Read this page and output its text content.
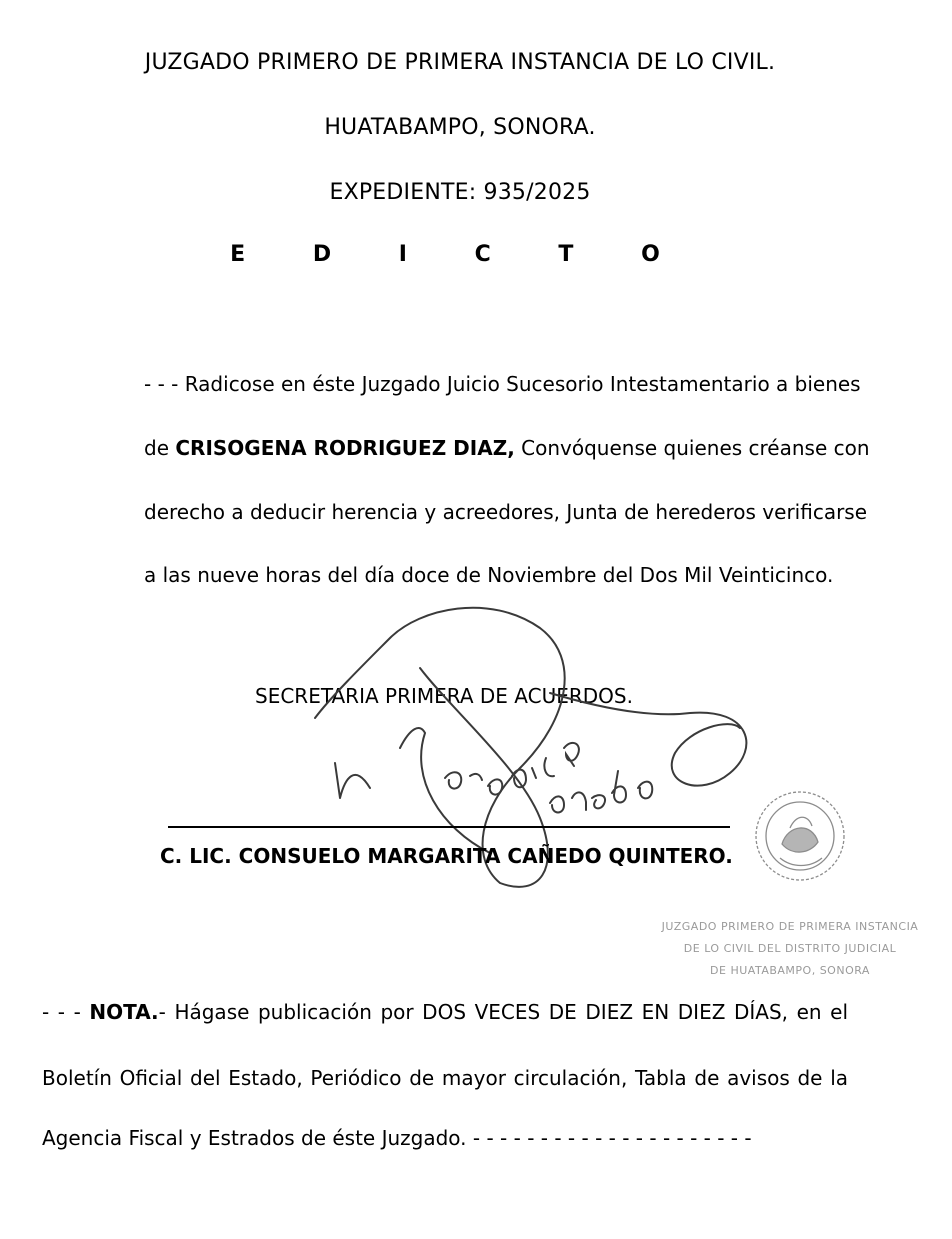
JUZGADO PRIMERO DE PRIMERA INSTANCIA DE LO CIVIL.
HUATABAMPO, SONORA.
EXPEDIENTE: 935/2025
E D I C T O
- - - Radicose en éste Juzgado Juicio Sucesorio Intestamentario a bienes
de CRISOGENA RODRIGUEZ DIAZ, Convóquense quienes créanse con
derecho a deducir herencia y acreedores, Junta de herederos verificarse
a las nueve horas del día doce de Noviembre del Dos Mil Veinticinco.
SECRETARIA PRIMERA DE ACUERDOS.
C. LIC. CONSUELO MARGARITA CAÑEDO QUINTERO.
JUZGADO PRIMERO DE PRIMERA INSTANCIA
DE LO CIVIL DEL DISTRITO JUDICIAL
DE HUATABAMPO, SONORA
- - - NOTA.- Hágase publicación por DOS VECES DE DIEZ EN DIEZ DÍAS, en el
Boletín Oficial del Estado, Periódico de mayor circulación, Tabla de avisos de la
Agencia Fiscal y Estrados de éste Juzgado. - - - - - - - - - - - - - - - - - - - - -
